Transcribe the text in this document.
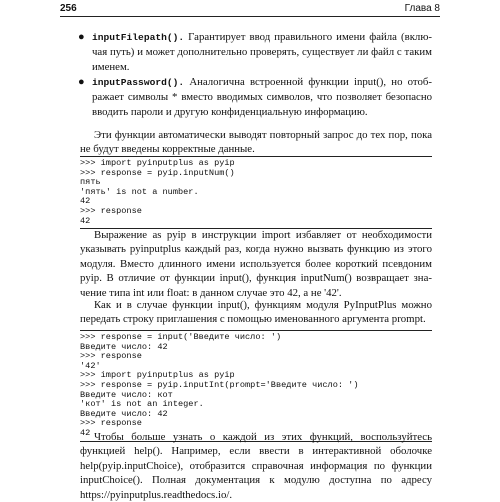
256	Глава 8
● inputFilepath(). Гарантирует ввод правильного имени файла (включая путь) и может дополнительно проверять, существует ли файл с таким именем.

● inputPassword(). Аналогична встроенной функции input(), но отображает символы * вместо вводимых символов, что позволяет безопасно вводить пароли и другую конфиденциальную информацию.

Эти функции автоматически выводят повторный запрос до тех пор, пока не будут введены корректные данные.

>>> import pyinputplus as pyip
>>> response = pyip.inputNum()
пять
'пять' is not a number.
42
>>> response
42

Выражение as pyip в инструкции import избавляет от необходимости указывать pyinputplus каждый раз, когда нужно вызвать функцию из этого модуля. Вместо длинного имени используется более короткий псевдоним pyip. В отличие от функции input(), функция inputNum() возвращает значение типа int или float: в данном случае это 42, а не '42'.

Как и в случае функции input(), функциям модуля PyInputPlus можно передать строку приглашения с помощью именованного аргумента prompt.

>>> response = input('Введите число: ')
Введите число: 42
>>> response
'42'
>>> import pyinputplus as pyip
>>> response = pyip.inputInt(prompt='Введите число: ')
Введите число: кот
'кот' is not an integer.
Введите число: 42
>>> response
42 Чтобы больше узнать о каждой из этих функций, воспользуйтесь функцией help(). Например, если ввести в интерактивной оболочке help(pyip.inputChoice), отобразится справочная информация по функции inputChoice(). Полная документация к модулю доступна по адресу https://pyinputplus.readthedocs.io/.
